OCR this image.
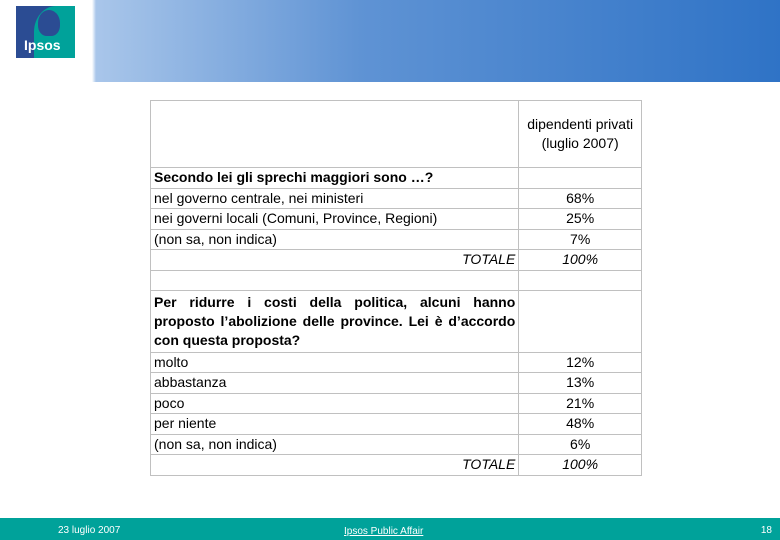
Ipsos
	dipendenti privati (luglio 2007)
Secondo lei gli sprechi maggiori sono …?	
nel governo centrale, nei ministeri	68%
nei governi locali (Comuni, Province, Regioni)	25%
(non sa, non indica)	7%
TOTALE	100%

Per ridurre i costi della politica, alcuni hanno proposto l’abolizione delle province. Lei è d’accordo con questa proposta?	
molto	12%
abbastanza	13%
poco	21%
per niente	48%
(non sa, non indica)	6%
TOTALE	100%
23 luglio 2007	Ipsos Public Affair	18
